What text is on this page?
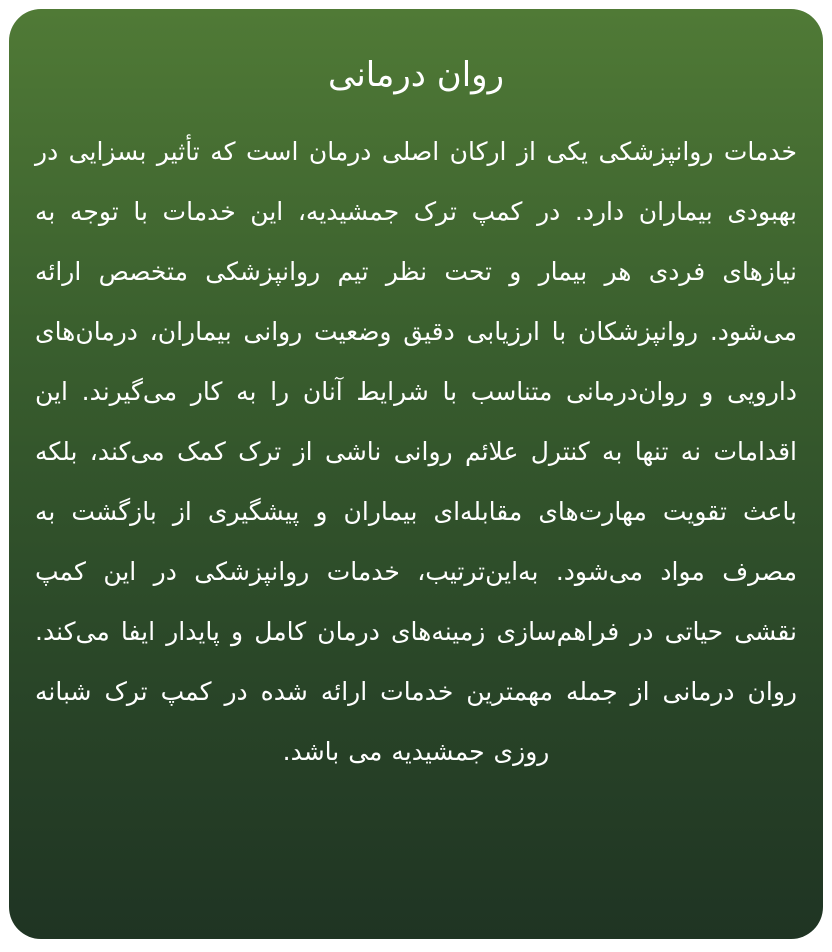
روان درمانی

خدمات روانپزشکی یکی از ارکان اصلی درمان است که تأثیر بسزایی در بهبودی بیماران دارد. در کمپ ترک جمشیدیه، این خدمات با توجه به نیازهای فردی هر بیمار و تحت نظر تیم روانپزشکی متخصص ارائه می‌شود. روانپزشکان با ارزیابی دقیق وضعیت روانی بیماران، درمان‌های دارویی و روان‌درمانی متناسب با شرایط آنان را به کار می‌گیرند. این اقدامات نه تنها به کنترل علائم روانی ناشی از ترک کمک می‌کند، بلکه باعث تقویت مهارت‌های مقابله‌ای بیماران و پیشگیری از بازگشت به مصرف مواد می‌شود. به‌این‌ترتیب، خدمات روانپزشکی در این کمپ نقشی حیاتی در فراهم‌سازی زمینه‌های درمان کامل و پایدار ایفا می‌کند. روان درمانی از جمله مهمترین خدمات ارائه شده در کمپ ترک شبانه روزی جمشیدیه می باشد.
